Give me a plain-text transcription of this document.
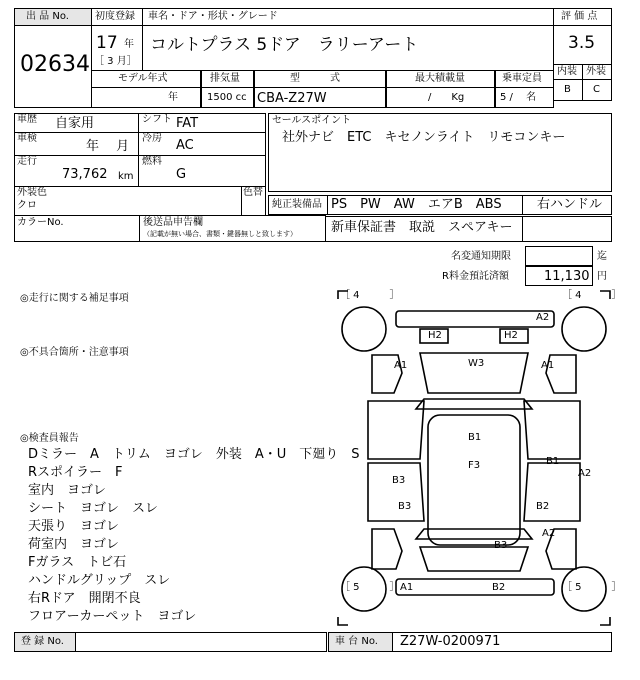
出 品 No.
02634
初度登録
17 年
［ 3 月］
車名・ドア・形状・グレード
コルトプラス 5ドア　ラリーアート
評 価 点
3.5
内装 外装
B C
モデル年式
年
排気量
1500 cc
型　　　式
CBA-Z27W
最大積載量
/　　Kg
乗車定員
5 /　 名
車歴 自家用	シフト FAT
車検
年　 月
冷房 AC
走行
73,762 km
燃料
G
外装色
クロ
色替
カラーNo.	後送品申告欄
（記載が無い場合、書類・鍵器無しと致します）
セールスポイント
社外ナビ　ETC　キセノンライト　リモコンキー
純正装備品 PS　PW　AW　エアB　ABS	右ハンドル
新車保証書　取説　スペアキー
名変通知期限	迄
R料金預託済額	11,130 円
◎走行に関する補足事項
◎不具合箇所・注意事項
◎検査員報告
Dミラー　A　トリム　ヨゴレ　外装　A・U　下廻り　S
Rスポイラー　F
室内　ヨゴレ
シート　ヨゴレ　スレ
天張り　ヨゴレ
荷室内　ヨゴレ
Fガラス　トビ石
ハンドルグリップ　スレ
右Rドア　開閉不良
フロアーカーペット　ヨゴレ
［ 4　　　］	［ 4　　　］
［ 5　　　］	［ 5　　　］
A2
H2	H2
W3
A1	A1
B1
F3	B1
A2
B3
B3	B2
A2
B3
A1	B2
登 録 No.	車 台 No. Z27W-0200971
